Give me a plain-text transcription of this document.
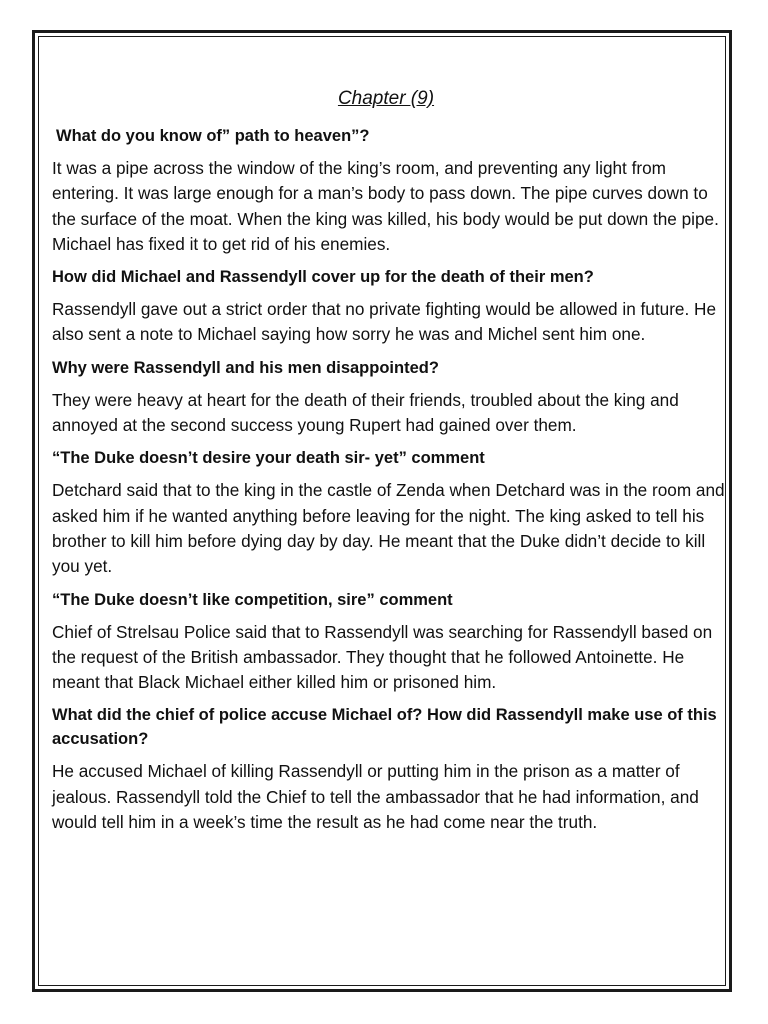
Chapter (9)
What do you know of” path to heaven”?
It was a pipe across the window of the king’s room, and preventing any light from entering. It was large enough for a man’s body to pass down. The pipe curves down to the surface of the moat. When the king was killed, his body would be put down the pipe. Michael has fixed it to get rid of his enemies.
How did Michael and Rassendyll cover up for the death of their men?
Rassendyll gave out a strict order that no private fighting would be allowed in future. He also sent a note to Michael saying how sorry he was and Michel sent him one.
Why were Rassendyll and his men disappointed?
They were heavy at heart for the death of their friends, troubled about the king and annoyed at the second success young Rupert had gained over them.
“The Duke doesn’t desire your death sir- yet” comment
Detchard said that to the king in the castle of Zenda when Detchard was in the room and asked him if he wanted anything before leaving for the night. The king asked to tell his brother to kill him before dying day by day. He meant that the Duke didn’t decide to kill you yet.
“The Duke doesn’t like competition, sire” comment
Chief of Strelsau Police said that to Rassendyll was searching for Rassendyll based on the request of the British ambassador. They thought that he followed Antoinette. He meant that Black Michael either killed him or prisoned him.
What did the chief of police accuse Michael of? How did Rassendyll make use of this accusation?
He accused Michael of killing Rassendyll or putting him in the prison as a matter of jealous. Rassendyll told the Chief to tell the ambassador that he had information, and would tell him in a week’s time the result as he had come near the truth.
